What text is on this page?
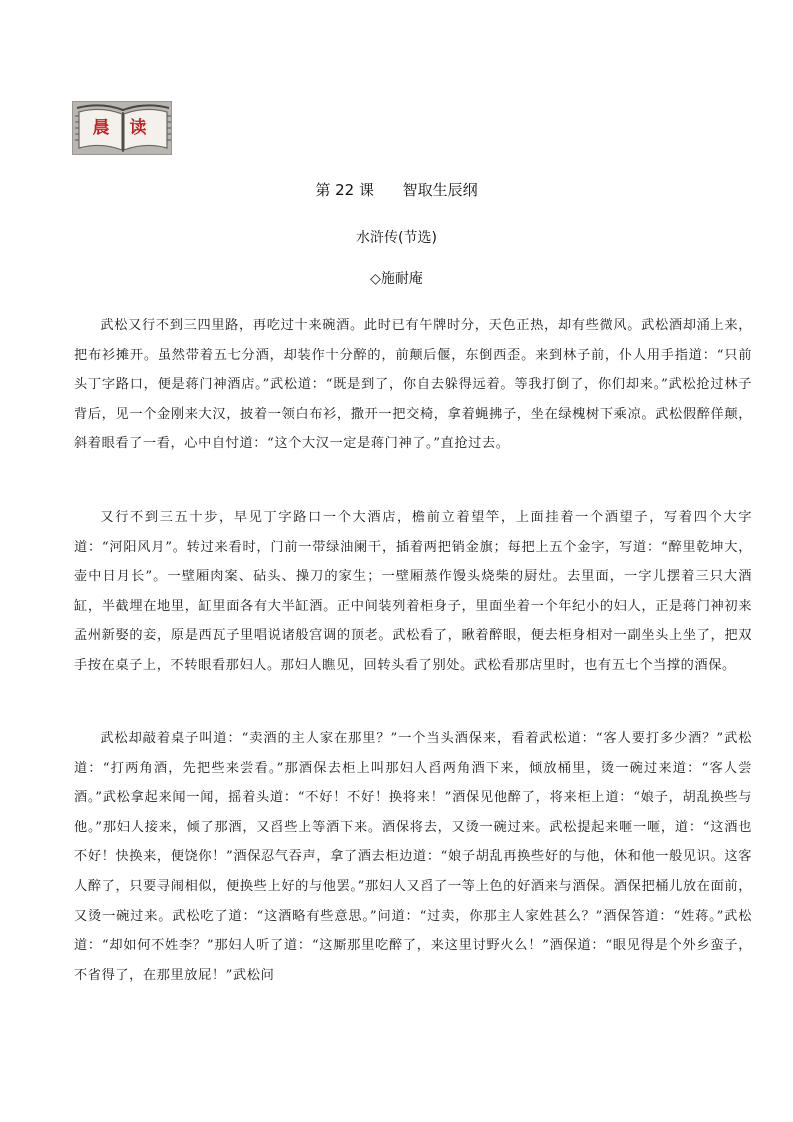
晨 读
第 22 课      智取生辰纲
水浒传(节选)
◇施耐庵

武松又行不到三四里路，再吃过十来碗酒。此时已有午牌时分，天色正热，却有些微风。武松酒却涌上来，把布衫摊开。虽然带着五七分酒，却装作十分醉的，前颠后偃，东倒西歪。来到林子前，仆人用手指道：“只前头丁字路口，便是蒋门神酒店。”武松道：“既是到了，你自去躲得远着。等我打倒了，你们却来。”武松抢过林子背后，见一个金刚来大汉，披着一领白布衫，撒开一把交椅，拿着蝇拂子，坐在绿槐树下乘凉。武松假醉佯颠，斜着眼看了一看，心中自忖道：“这个大汉一定是蒋门神了。”直抢过去。

又行不到三五十步，早见丁字路口一个大酒店，檐前立着望竿，上面挂着一个酒望子，写着四个大字道：“河阳风月”。转过来看时，门前一带绿油阑干，插着两把销金旗；每把上五个金字，写道：“醉里乾坤大，壶中日月长”。一壁厢肉案、砧头、操刀的家生；一壁厢蒸作馒头烧柴的厨灶。去里面，一字儿摆着三只大酒缸，半截埋在地里，缸里面各有大半缸酒。正中间装列着柜身子，里面坐着一个年纪小的妇人，正是蒋门神初来孟州新娶的妾，原是西瓦子里唱说诸般宫调的顶老。武松看了，瞅着醉眼，便去柜身相对一副坐头上坐了，把双手按在桌子上，不转眼看那妇人。那妇人瞧见，回转头看了别处。武松看那店里时，也有五七个当撑的酒保。

武松却敲着桌子叫道：“卖酒的主人家在那里？”一个当头酒保来，看着武松道：“客人要打多少酒？”武松道：“打两角酒，先把些来尝看。”那酒保去柜上叫那妇人舀两角酒下来，倾放桶里，烫一碗过来道：“客人尝酒。”武松拿起来闻一闻，摇着头道：“不好！不好！换将来！”酒保见他醉了，将来柜上道：“娘子，胡乱换些与他。”那妇人接来，倾了那酒，又舀些上等酒下来。酒保将去，又烫一碗过来。武松提起来咂一咂，道：“这酒也不好！快换来，便饶你！”酒保忍气吞声，拿了酒去柜边道：“娘子胡乱再换些好的与他，休和他一般见识。这客人醉了，只要寻闹相似，便换些上好的与他罢。”那妇人又舀了一等上色的好酒来与酒保。酒保把桶儿放在面前，又烫一碗过来。武松吃了道：“这酒略有些意思。”问道：“过卖，你那主人家姓甚么？”酒保答道：“姓蒋。”武松道：“却如何不姓李？”那妇人听了道：“这厮那里吃醉了，来这里讨野火么！”酒保道：“眼见得是个外乡蛮子，不省得了，在那里放屁！”武松问
